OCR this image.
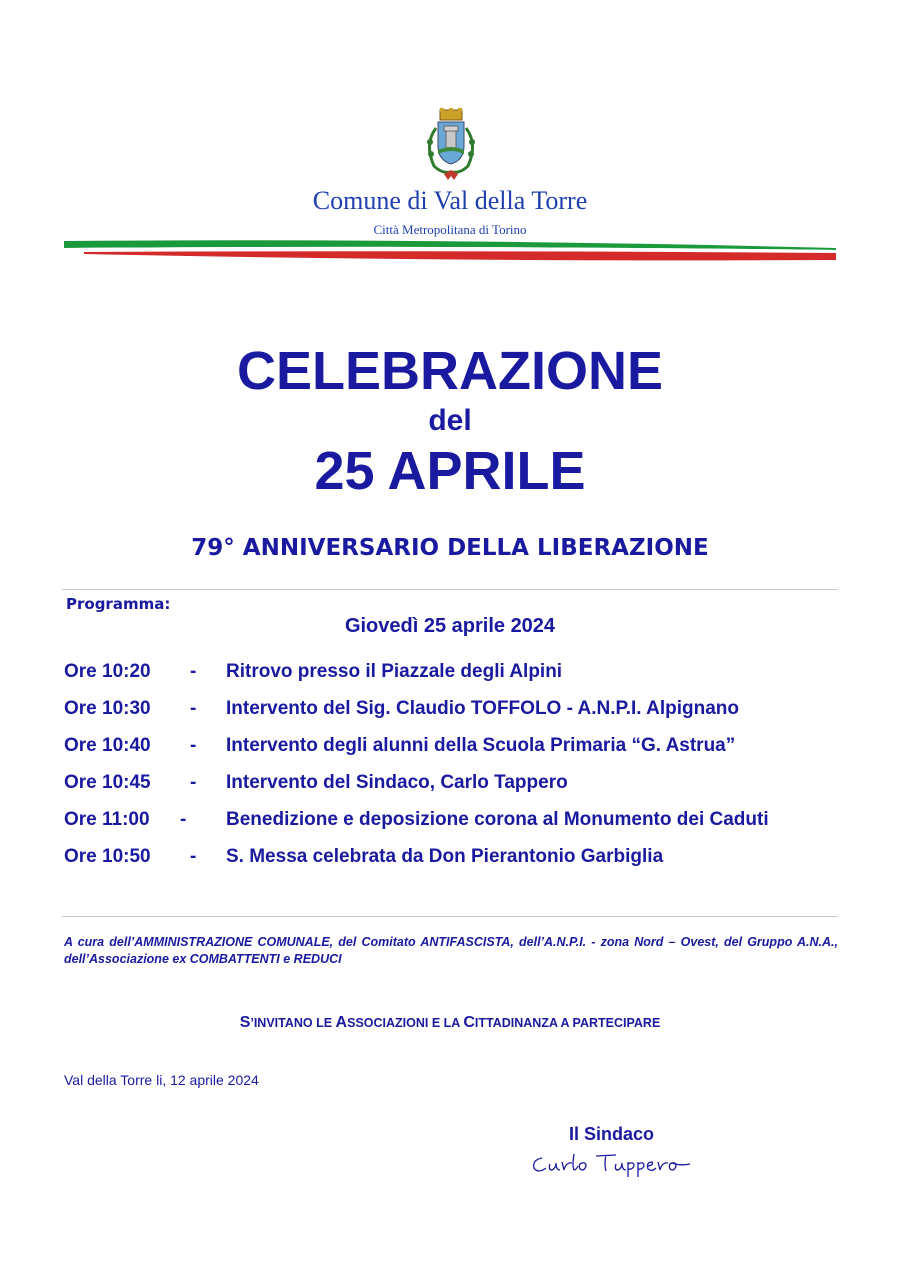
Comune di Val della Torre
Città Metropolitana di Torino
CELEBRAZIONE
del
25 APRILE
79° ANNIVERSARIO DELLA LIBERAZIONE
Programma:
Giovedì 25 aprile 2024
Ore 10:20 - Ritrovo presso il Piazzale degli Alpini
Ore 10:30 - Intervento del Sig. Claudio TOFFOLO - A.N.P.I. Alpignano
Ore 10:40 - Intervento degli alunni della Scuola Primaria “G. Astrua”
Ore 10:45 - Intervento del Sindaco, Carlo Tappero
Ore 11:00 - Benedizione e deposizione corona al Monumento dei Caduti
Ore 10:50 - S. Messa celebrata da Don Pierantonio Garbiglia
A cura dell’AMMINISTRAZIONE COMUNALE, del Comitato ANTIFASCISTA, dell’A.N.P.I. - zona Nord – Ovest, del Gruppo A.N.A., dell’Associazione ex COMBATTENTI e REDUCI
S’INVITANO LE ASSOCIAZIONI E LA CITTADINANZA A PARTECIPARE
Val della Torre li, 12 aprile 2024
Il Sindaco
